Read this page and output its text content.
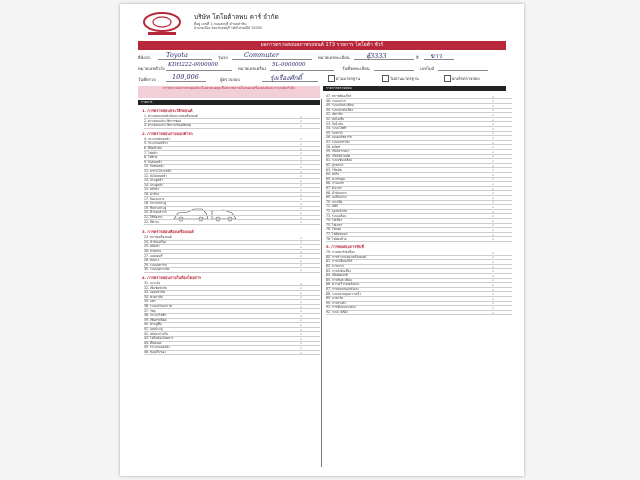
บริษัท โตโยต้าลพบ คาร์ จำกัด
ที่อยู่ เลขที่ 1 ถนนลพบุรี ตำบลท่าหิน
อำเภอเมือง จังหวัดลพบุรี รหัสไปรษณีย์ 15000
ผลการตรวจสอบสภาพรถยนต์ 173 รายการ โตโยต้า ชัวร์
ยี่ห้อรถ Toyota	รุ่นรถ Commuter	หมายเลขทะเบียน	ฮุ้3333	สี ขาว
หมายเลขตัวถัง
KDH222-0000000
หมายเลขเครื่อง
5L-0000000
วันที่จดทะเบียน	เลขไมล์
วันที่ตรวจ	109,006	ผู้ตรวจสอบ	รุ่งเรืองศักดิ์	ผ่านมาตรฐาน	ไม่ผ่านมาตรฐาน	ยกเลิกตรวจสอบ
การตรวจสภาพรถยนต์จะไม่ครอบคลุมถึงสภาพภายในของเครื่องยนต์และระบบส่งกำลัง
รายการ
รายการตรวจสอบ
1. การตรวจสอบประวัติรถยนต์
1. ตรวจสอบเลขตัวถังและเลขเครื่องยนต์	✓
2. ตรวจสอบประวัติการซ่อม	✓
3. ตรวจสอบประวัติการเกิดอุบัติเหตุ	✓
2. การตรวจสอบภายนอกตัวรถ
4. กระจกบังลมหน้า	✓
5. กระจกมองข้าง	✓
6. ที่ปัดน้ำฝน	✓
7. ไฟหน้า	✓
8. ไฟท้าย	✓
9. กันชนหน้า	✓
10. กันชนหลัง	✓
11. ฝากระโปรงหน้า	✓
12. บังโคลนหน้า	✓
13. ประตูหน้า	✓
14. ประตูหลัง	✓
15. หลังคา	✓
16. ฝาท้าย	✓
17. ล้อและยาง	✓
18. กระจกประตู	✓
19. ซีลยางประตู	✓
20. คิ้วรอบตัวรถ	✓
21. ใต้ท้องรถ	✓
22. สีตัวรถ	✓
3. การตรวจสอบห้องเครื่องยนต์
23. สภาพเครื่องยนต์	✓
24. น้ำมันเครื่อง	✓
25. หม้อน้ำ	✓
26. สายพาน	✓
27. แบตเตอรี่	✓
28. ท่อยาง	✓
29. ระบบสตาร์ท	✓
30. ระบบจุดระเบิด	✓
4. การตรวจสอบภายในห้องโดยสาร
31. เบาะนั่ง	✓
32. เข็มขัดนิรภัย	✓
33. แผงหน้าปัด	✓
34. พวงมาลัย	✓
35. แตร	✓
36. ระบบปรับอากาศ	✓
37. วิทยุ	✓
38. กระจกไฟฟ้า	✓
39. เซ็นทรัลล็อค	✓
40. พรมปูพื้น	✓
41. แผงประตู	✓
42. หลังคาภายใน	✓
43. ไฟในห้องโดยสาร	✓
44. ที่บังแดด	✓
45. กระจกมองหลัง	✓
46. ช่องเก็บของ	✓
47. สภาพห้องเกียร์	✓
48. ระบบเบรก	✓
49. ระบบกันสะเทือน	✓
50. ระบบบังคับเลี้ยว	✓
51. เพลาขับ	✓
52. ท่อไอเสีย	✓
53. ถังน้ำมัน	✓
54. ระบบไฟฟ้า	✓
55. ไดชาร์จ	✓
56. มอเตอร์สตาร์ท	✓
57. ระบบส่งกำลัง	✓
58. คลัตช์	✓
59. เกียร์ธรรมดา	✓
60. เกียร์อัตโนมัติ	✓
61. ระบบขับเคลื่อน	✓
62. ลูกหมาก	✓
63. โช้คอัพ	✓
64. สปริง	✓
65. ยางกันฝุ่น	✓
66. จานเบรก	✓
67. ผ้าเบรก	✓
68. น้ำมันเบรก	✓
69. แม่ปั๊มเบรก	✓
70. เบรกมือ	✓
71. ABS	✓
72. ถุงลมนิรภัย	✓
73. ระบบเตือน	✓
74. ไฟเลี้ยว	✓
75. ไฟเบรก	✓
76. ไฟถอย	✓
77. ไฟตัดหมอก	✓
78. ไฟส่องป้าย	✓
5. การทดสอบการขับขี่
79. การสตาร์ทเครื่อง	✓
80. การทำงานของเครื่องยนต์	✓
81. การเปลี่ยนเกียร์	✓
82. การเบรก	✓
83. การบังคับเลี้ยว	✓
84. เสียงผิดปกติ	✓
85. การสั่นสะเทือน	✓
86. ความเร็วรอบเดินเบา	✓
87. การตอบสนองคันเร่ง	✓
88. ระบบควบคุมความเร็ว	✓
89. มาตรวัด	✓
90. การทรงตัว	✓
91. การขับบนทางตรง	✓
92. ระบบ 4WD	✓
